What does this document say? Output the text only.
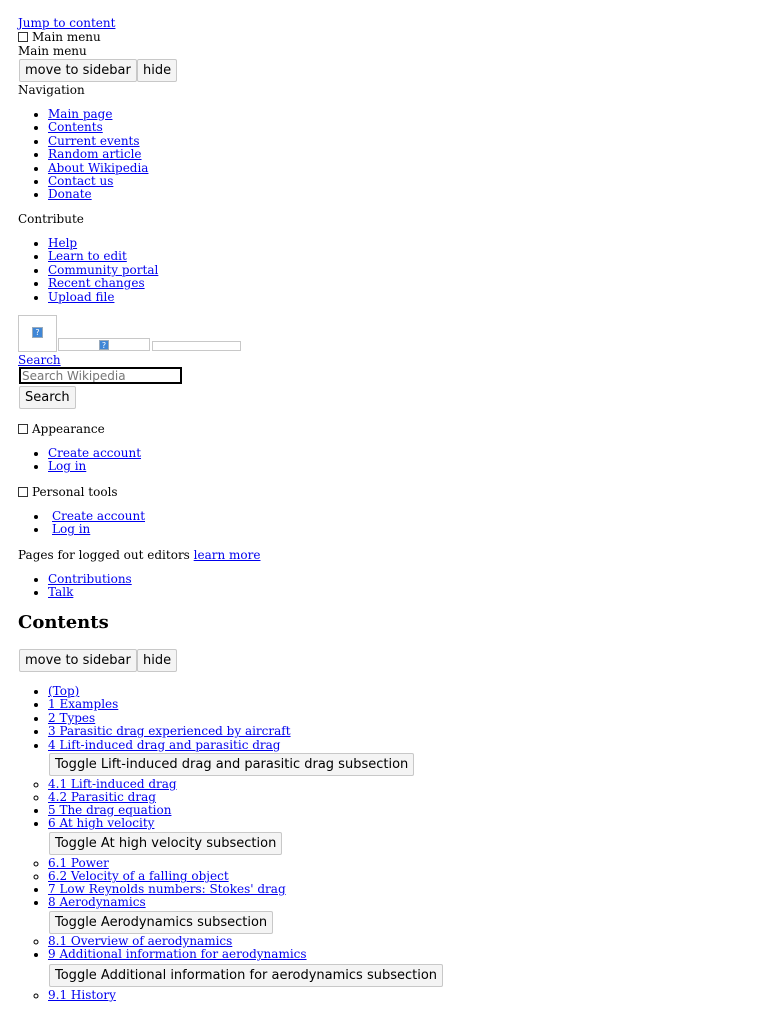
Jump to content
Main menu
Main menu
move to sidebar hide
Navigation
• Main page
• Contents
• Current events
• Random article
• About Wikipedia
• Contact us
• Donate
Contribute
• Help
• Learn to edit
• Community portal
• Recent changes
• Upload file
?
?
Search
Search Wikipedia
Search
Appearance
• Create account
• Log in
Personal tools
• Create account
• Log in
Pages for logged out editors learn more
• Contributions
• Talk
Contents
move to sidebar hide
• (Top)
• 1 Examples
• 2 Types
• 3 Parasitic drag experienced by aircraft
• 4 Lift-induced drag and parasitic drag
Toggle Lift-induced drag and parasitic drag subsection
◦ 4.1 Lift-induced drag
◦ 4.2 Parasitic drag
• 5 The drag equation
• 6 At high velocity
Toggle At high velocity subsection
◦ 6.1 Power
◦ 6.2 Velocity of a falling object
• 7 Low Reynolds numbers: Stokes' drag
• 8 Aerodynamics
Toggle Aerodynamics subsection
◦ 8.1 Overview of aerodynamics
• 9 Additional information for aerodynamics
Toggle Additional information for aerodynamics subsection
◦ 9.1 History
